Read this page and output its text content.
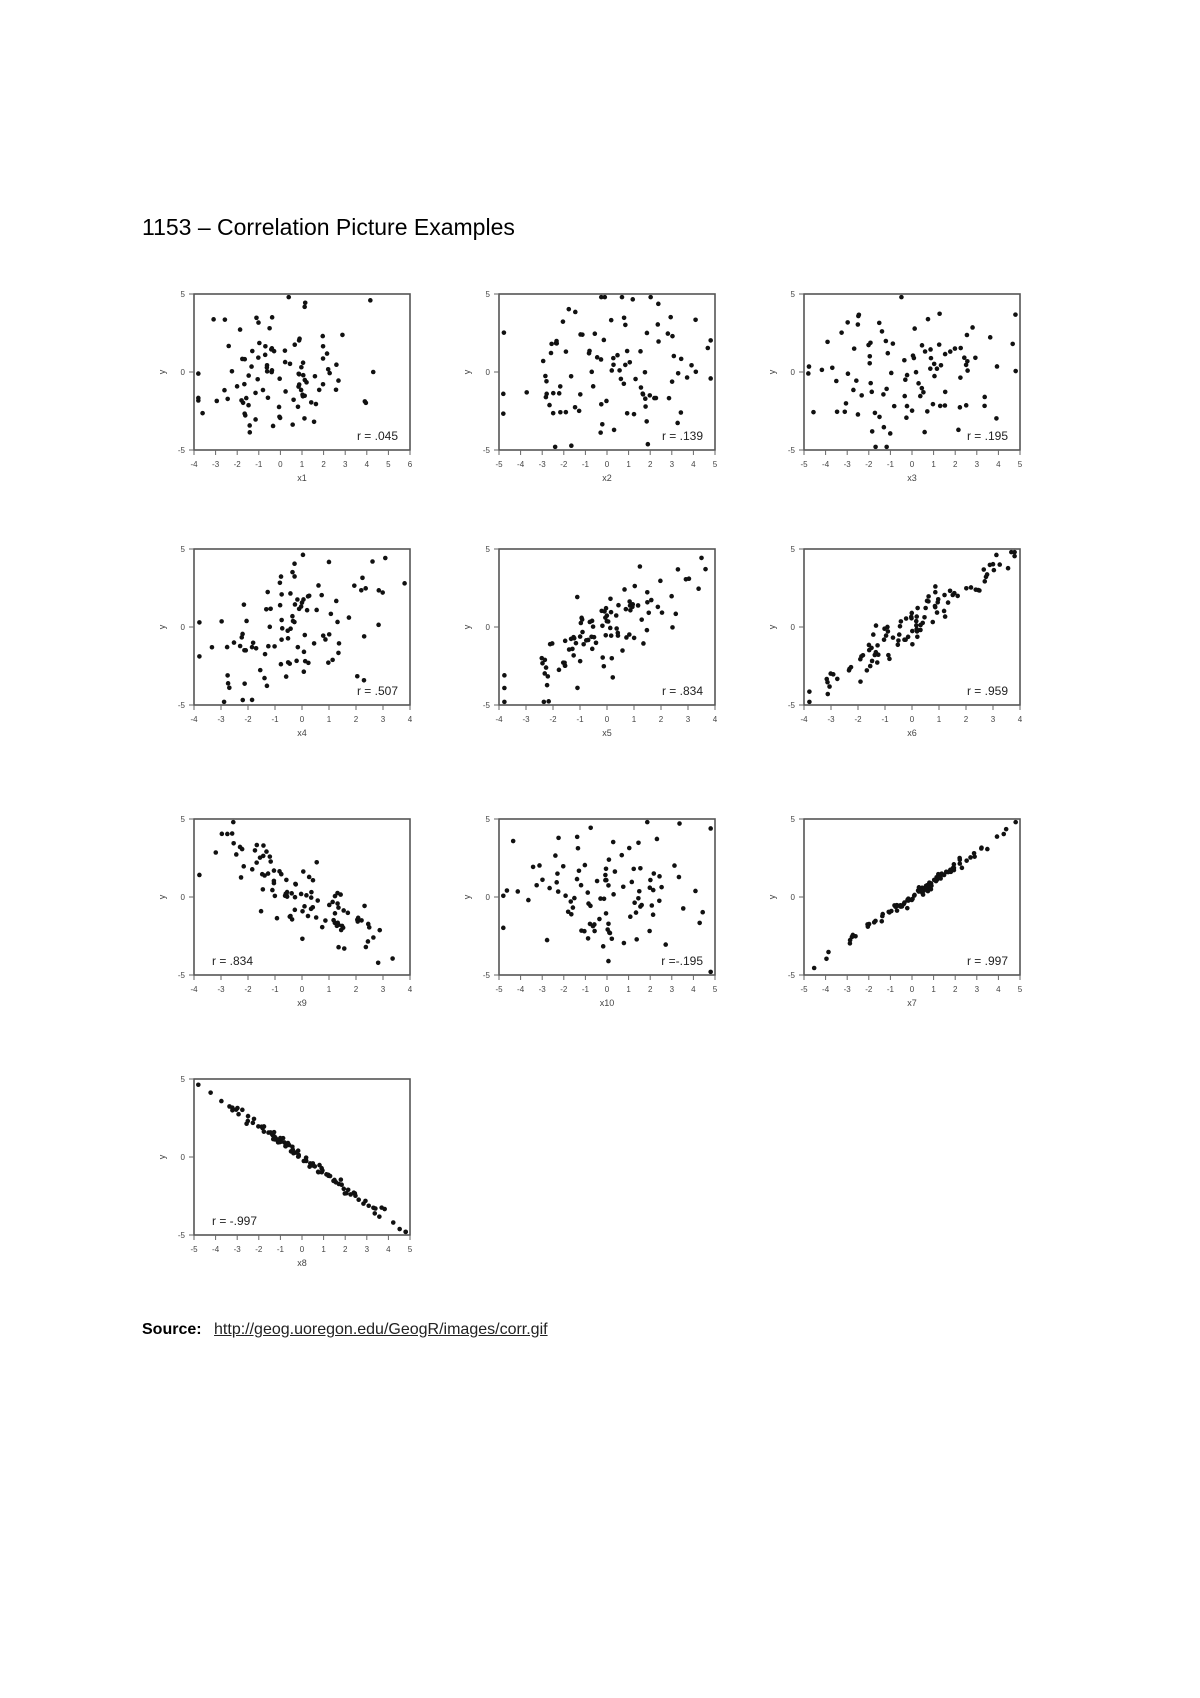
1153 – Correlation Picture Examples
-4 -3 -2 -1 0 1 2 3 4 5 6
-5
0
5
x1
y
r = .045
-5 -4 -3 -2 -1 0 1 2 3 4 5
-5
0
5
x2
y
r = .139
-5 -4 -3 -2 -1 0 1 2 3 4 5
-5
0
5
x3
y
r = .195
-4 -3 -2 -1	0	1	2	3	4
-5
0
5
x4
y
r = .507
-4 -3 -2 -1	0	1	2	3	4
-5
0
5
x5
y
r = .834
-4 -3 -2 -1	0	1	2	3	4
-5
0
5
x6
y
r = .959
-4 -3 -2 -1	0	1	2	3	4
-5
0
5
x9
y
r = .834
-5 -4 -3 -2 -1 0 1 2 3 4 5
-5
0
5
x10
y
r =-.195
-5 -4 -3 -2 -1 0 1 2 3 4 5
-5
0
5
x7
y
r = .997
-5 -4 -3 -2 -1 0 1 2 3 4 5
-5
0
5
x8
y
r = -.997
Source: http://geog.uoregon.edu/GeogR/images/corr.gif
